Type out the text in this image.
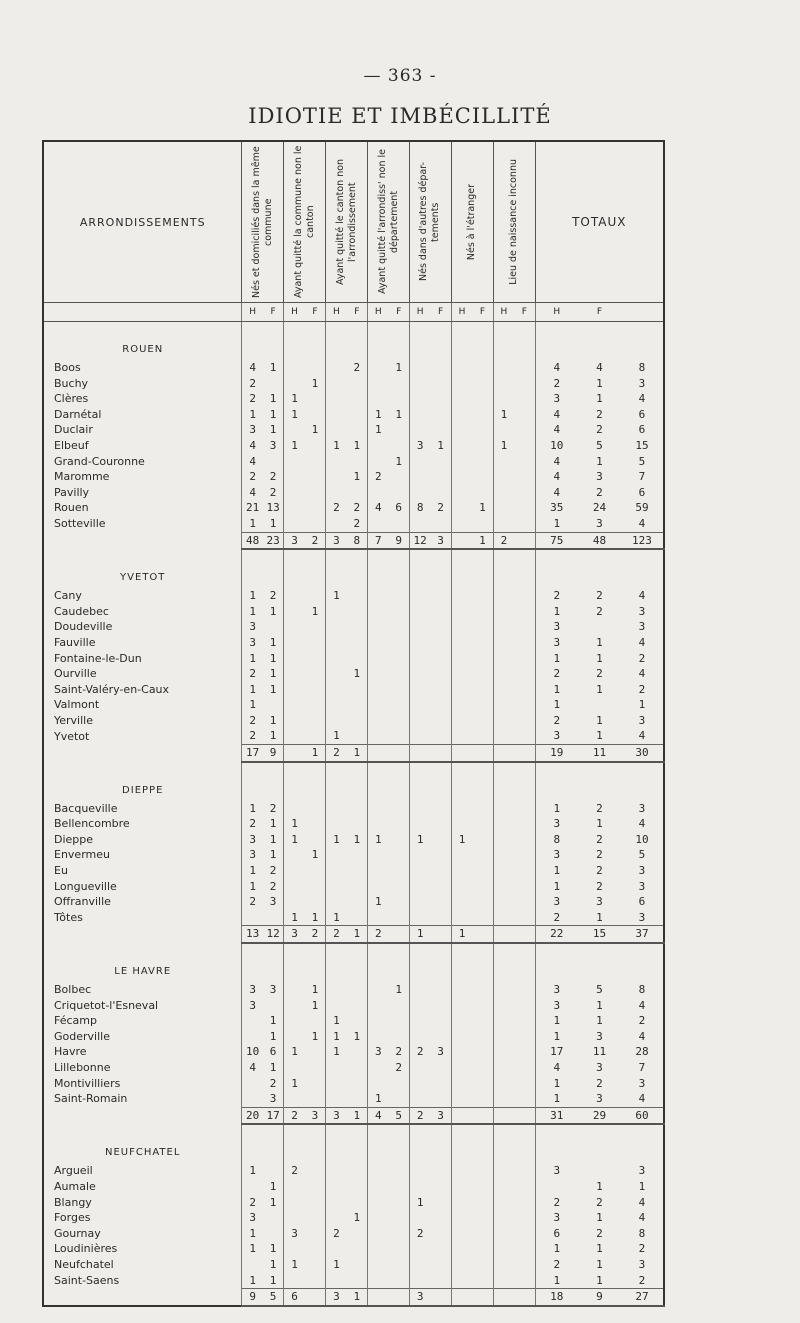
— 363 -
IDIOTIE ET IMBÉCILLITÉ
ARRONDISSEMENTS	Nés et domiciliés dans la même commune		Ayant quitté la commune non le canton		Ayant quitté le canton non l'arrondissement		Ayant quitté l'arrondiss' non le département		Nés dans d'autres dépar-tements		Nés à l'étranger		Lieu de naissance inconnu		TOTAUX		
	H	F	H	F	H	F	H	F	H	F	H	F	H	F	H	F	
ROUEN																	
Boos	4	1				2		1							4	4	8
Buchy	2			1											2	1	3
Clères	2	1	1												3	1	4
Darnétal	1	1	1				1	1					1		4	2	6
Duclair	3	1		1			1								4	2	6
Elbeuf	4	3	1		1	1			3	1			1		10	5	15
Grand-Couronne	4							1							4	1	5
Maromme	2	2				1	2								4	3	7
Pavilly	4	2													4	2	6
Rouen	21	13			2	2	4	6	8	2		1			35	24	59
Sotteville	1	1				2									1	3	4
	48	23	3	2	3	8	7	9	12	3		1	2		75	48	123
YVETOT																	
Cany	1	2			1										2	2	4
Caudebec	1	1		1											1	2	3
Doudeville	3														3		3
Fauville	3	1													3	1	4
Fontaine-le-Dun	1	1													1	1	2
Ourville	2	1				1									2	2	4
Saint-Valéry-en-Caux	1	1													1	1	2
Valmont	1														1		1
Yerville	2	1													2	1	3
Yvetot	2	1			1										3	1	4
	17	9		1	2	1									19	11	30
DIEPPE																	
Bacqueville	1	2													1	2	3
Bellencombre	2	1	1												3	1	4
Dieppe	3	1	1		1	1	1		1		1				8	2	10
Envermeu	3	1		1											3	2	5
Eu	1	2													1	2	3
Longueville	1	2													1	2	3
Offranville	2	3					1								3	3	6
Tôtes			1	1	1										2	1	3
	13	12	3	2	2	1	2		1		1				22	15	37
LE HAVRE																	
Bolbec	3	3		1				1							3	5	8
Criquetot-l'Esneval	3			1											3	1	4
Fécamp		1			1										1	1	2
Goderville		1		1	1	1									1	3	4
Havre	10	6	1		1		3	2	2	3					17	11	28
Lillebonne	4	1						2							4	3	7
Montivilliers		2	1												1	2	3
Saint-Romain		3					1								1	3	4
	20	17	2	3	3	1	4	5	2	3					31	29	60
NEUFCHATEL																	
Argueil	1		2												3		3
Aumale		1														1	1
Blangy	2	1							1						2	2	4
Forges	3					1									3	1	4
Gournay	1		3		2				2						6	2	8
Loudinières	1	1													1	1	2
Neufchatel		1	1		1										2	1	3
Saint-Saens	1	1													1	1	2
	9	5	6		3	1			3						18	9	27
